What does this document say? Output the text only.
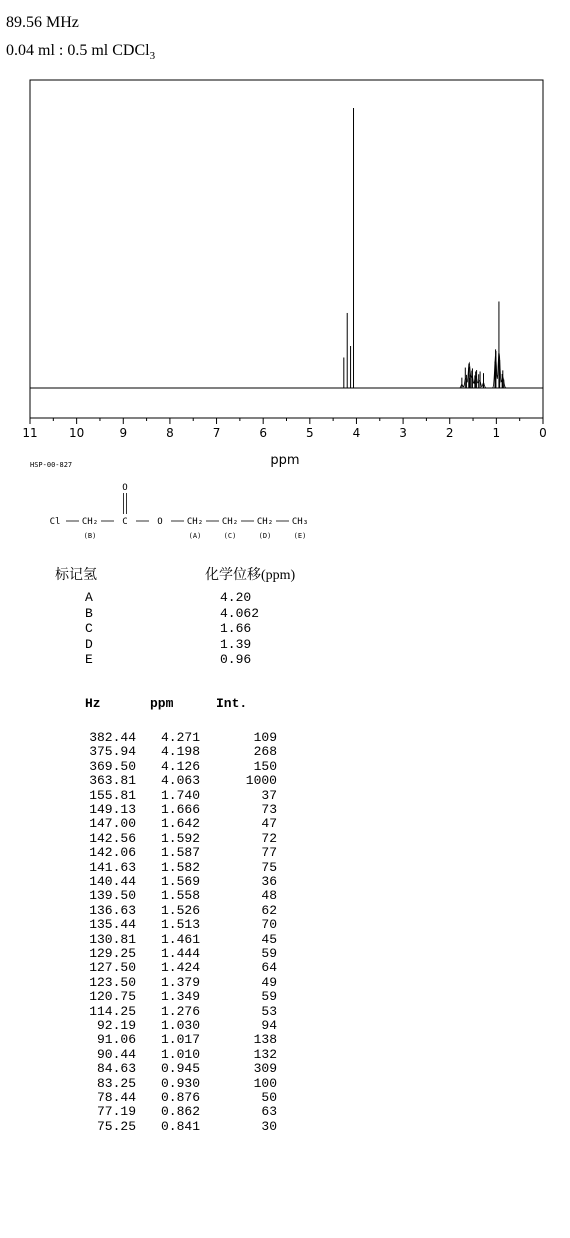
89.56 MHz
0.04 ml : 0.5 ml CDCl$_3$
11	10	9	8	7	6	5	4	3	2	1	0
ppm
HSP-00-827
Cl CH₂	C	O	CH₂ CH₂ CH₂ CH₃
O
(B)	(A)	(C)	(D)	(E)
标记氢	化学位移(ppm)
A	4.20
B	4.062
C	1.66
D	1.39
E	0.96
Hz	ppm	Int.
382.44 4.271	109
375.94 4.198	268
369.50 4.126	150
363.81 4.063	1000
155.81 1.740	37
149.13 1.666	73
147.00 1.642	47
142.56 1.592	72
142.06 1.587	77
141.63 1.582	75
140.44 1.569	36
139.50 1.558	48
136.63 1.526	62
135.44 1.513	70
130.81 1.461	45
129.25 1.444	59
127.50 1.424	64
123.50 1.379	49
120.75 1.349	59
114.25 1.276	53
92.19 1.030	94
91.06 1.017	138
90.44 1.010	132
84.63 0.945	309
83.25 0.930	100
78.44 0.876	50
77.19 0.862	63
75.25 0.841	30
